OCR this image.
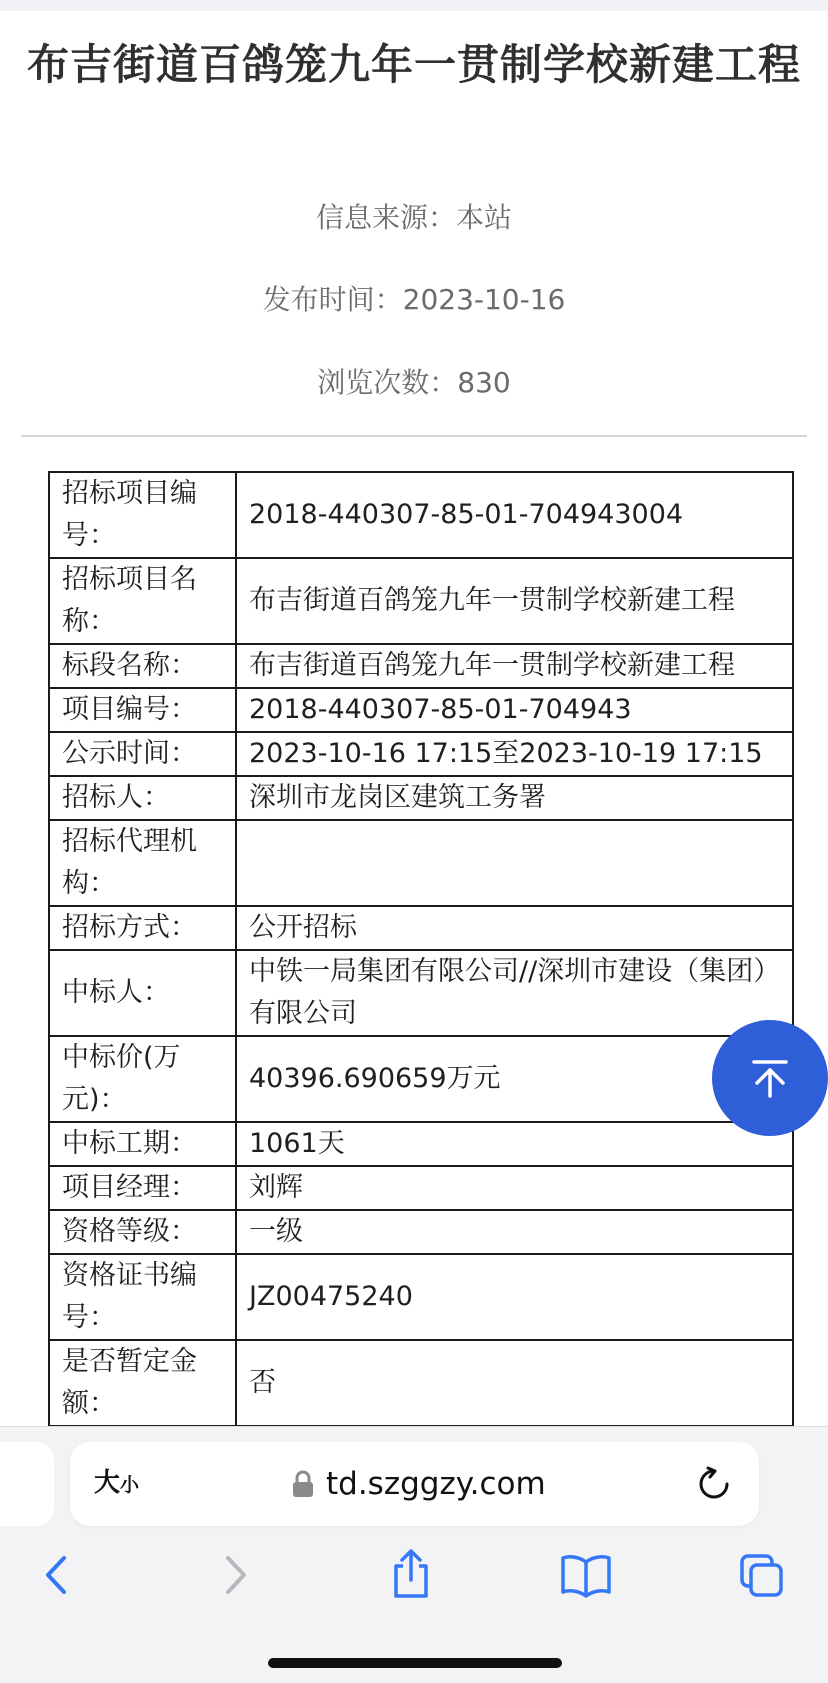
布吉街道百鸽笼九年一贯制学校新建工程
信息来源：本站
发布时间：2023-10-16
浏览次数：830
招标项目编号：	2018-440307-85-01-704943004
招标项目名称：	布吉街道百鸽笼九年一贯制学校新建工程
标段名称：	布吉街道百鸽笼九年一贯制学校新建工程
项目编号：	2018-440307-85-01-704943
公示时间：	2023-10-16 17:15至2023-10-19 17:15
招标人：	深圳市龙岗区建筑工务署
招标代理机构：	
招标方式：	公开招标
中标人：	中铁一局集团有限公司//深圳市建设（集团）有限公司
中标价(万元)：	40396.690659万元
中标工期：	1061天
项目经理：	刘辉
资格等级：	一级
资格证书编号：	JZ00475240
是否暂定金额：	否
大 小	td.szggzy.com
